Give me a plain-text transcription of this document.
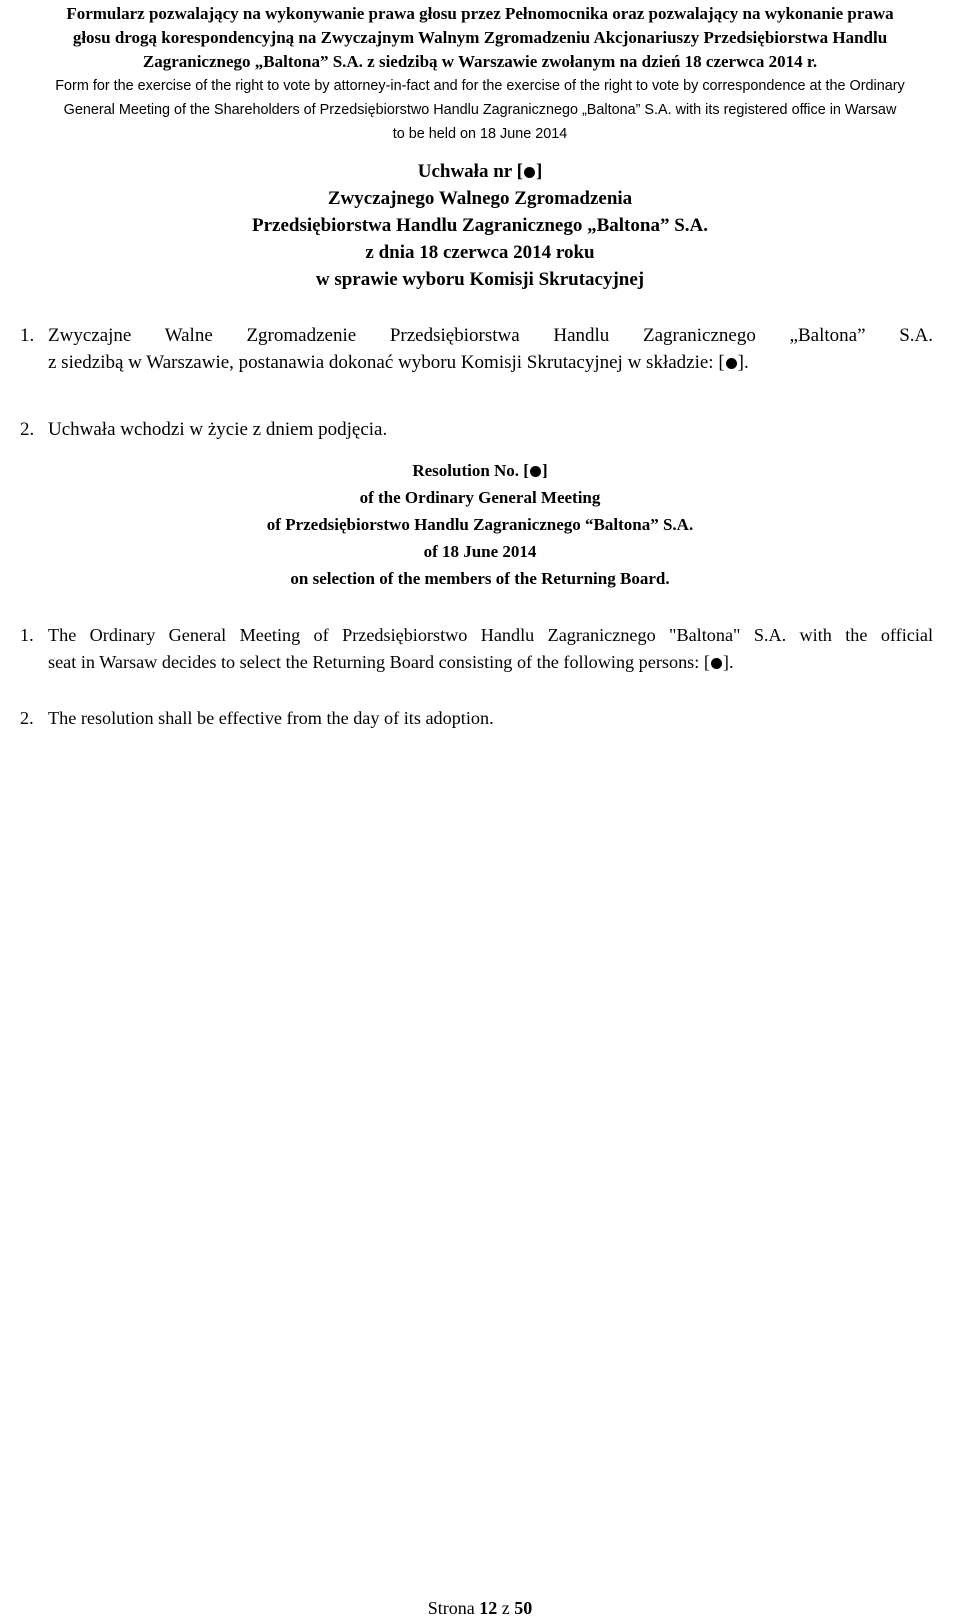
Formularz pozwalający na wykonywanie prawa głosu przez Pełnomocnika oraz pozwalający na wykonanie prawa
głosu drogą korespondencyjną na Zwyczajnym Walnym Zgromadzeniu Akcjonariuszy Przedsiębiorstwa Handlu
Zagranicznego „Baltona” S.A. z siedzibą w Warszawie zwołanym na dzień 18 czerwca 2014 r.
Form for the exercise of the right to vote by attorney-in-fact and for the exercise of the right to vote by correspondence at the Ordinary
General Meeting of the Shareholders of Przedsiębiorstwo Handlu Zagranicznego „Baltona” S.A. with its registered office in Warsaw
to be held on 18 June 2014
Uchwała nr [ ]
Zwyczajnego Walnego Zgromadzenia
Przedsiębiorstwa Handlu Zagranicznego „Baltona” S.A.
z dnia 18 czerwca 2014 roku
w sprawie wyboru Komisji Skrutacyjnej
1. Zwyczajne Walne Zgromadzenie Przedsiębiorstwa Handlu Zagranicznego „Baltona” S.A.
z siedzibą w Warszawie, postanawia dokonać wyboru Komisji Skrutacyjnej w składzie: [ ].
2. Uchwała wchodzi w życie z dniem podjęcia.
Resolution No. [ ]
of the Ordinary General Meeting
of Przedsiębiorstwo Handlu Zagranicznego “Baltona” S.A.
of 18 June 2014
on selection of the members of the Returning Board.
1. The Ordinary General Meeting of Przedsiębiorstwo Handlu Zagranicznego "Baltona" S.A. with the official
seat in Warsaw decides to select the Returning Board consisting of the following persons: [ ].
2. The resolution shall be effective from the day of its adoption.
Strona 12 z 50
